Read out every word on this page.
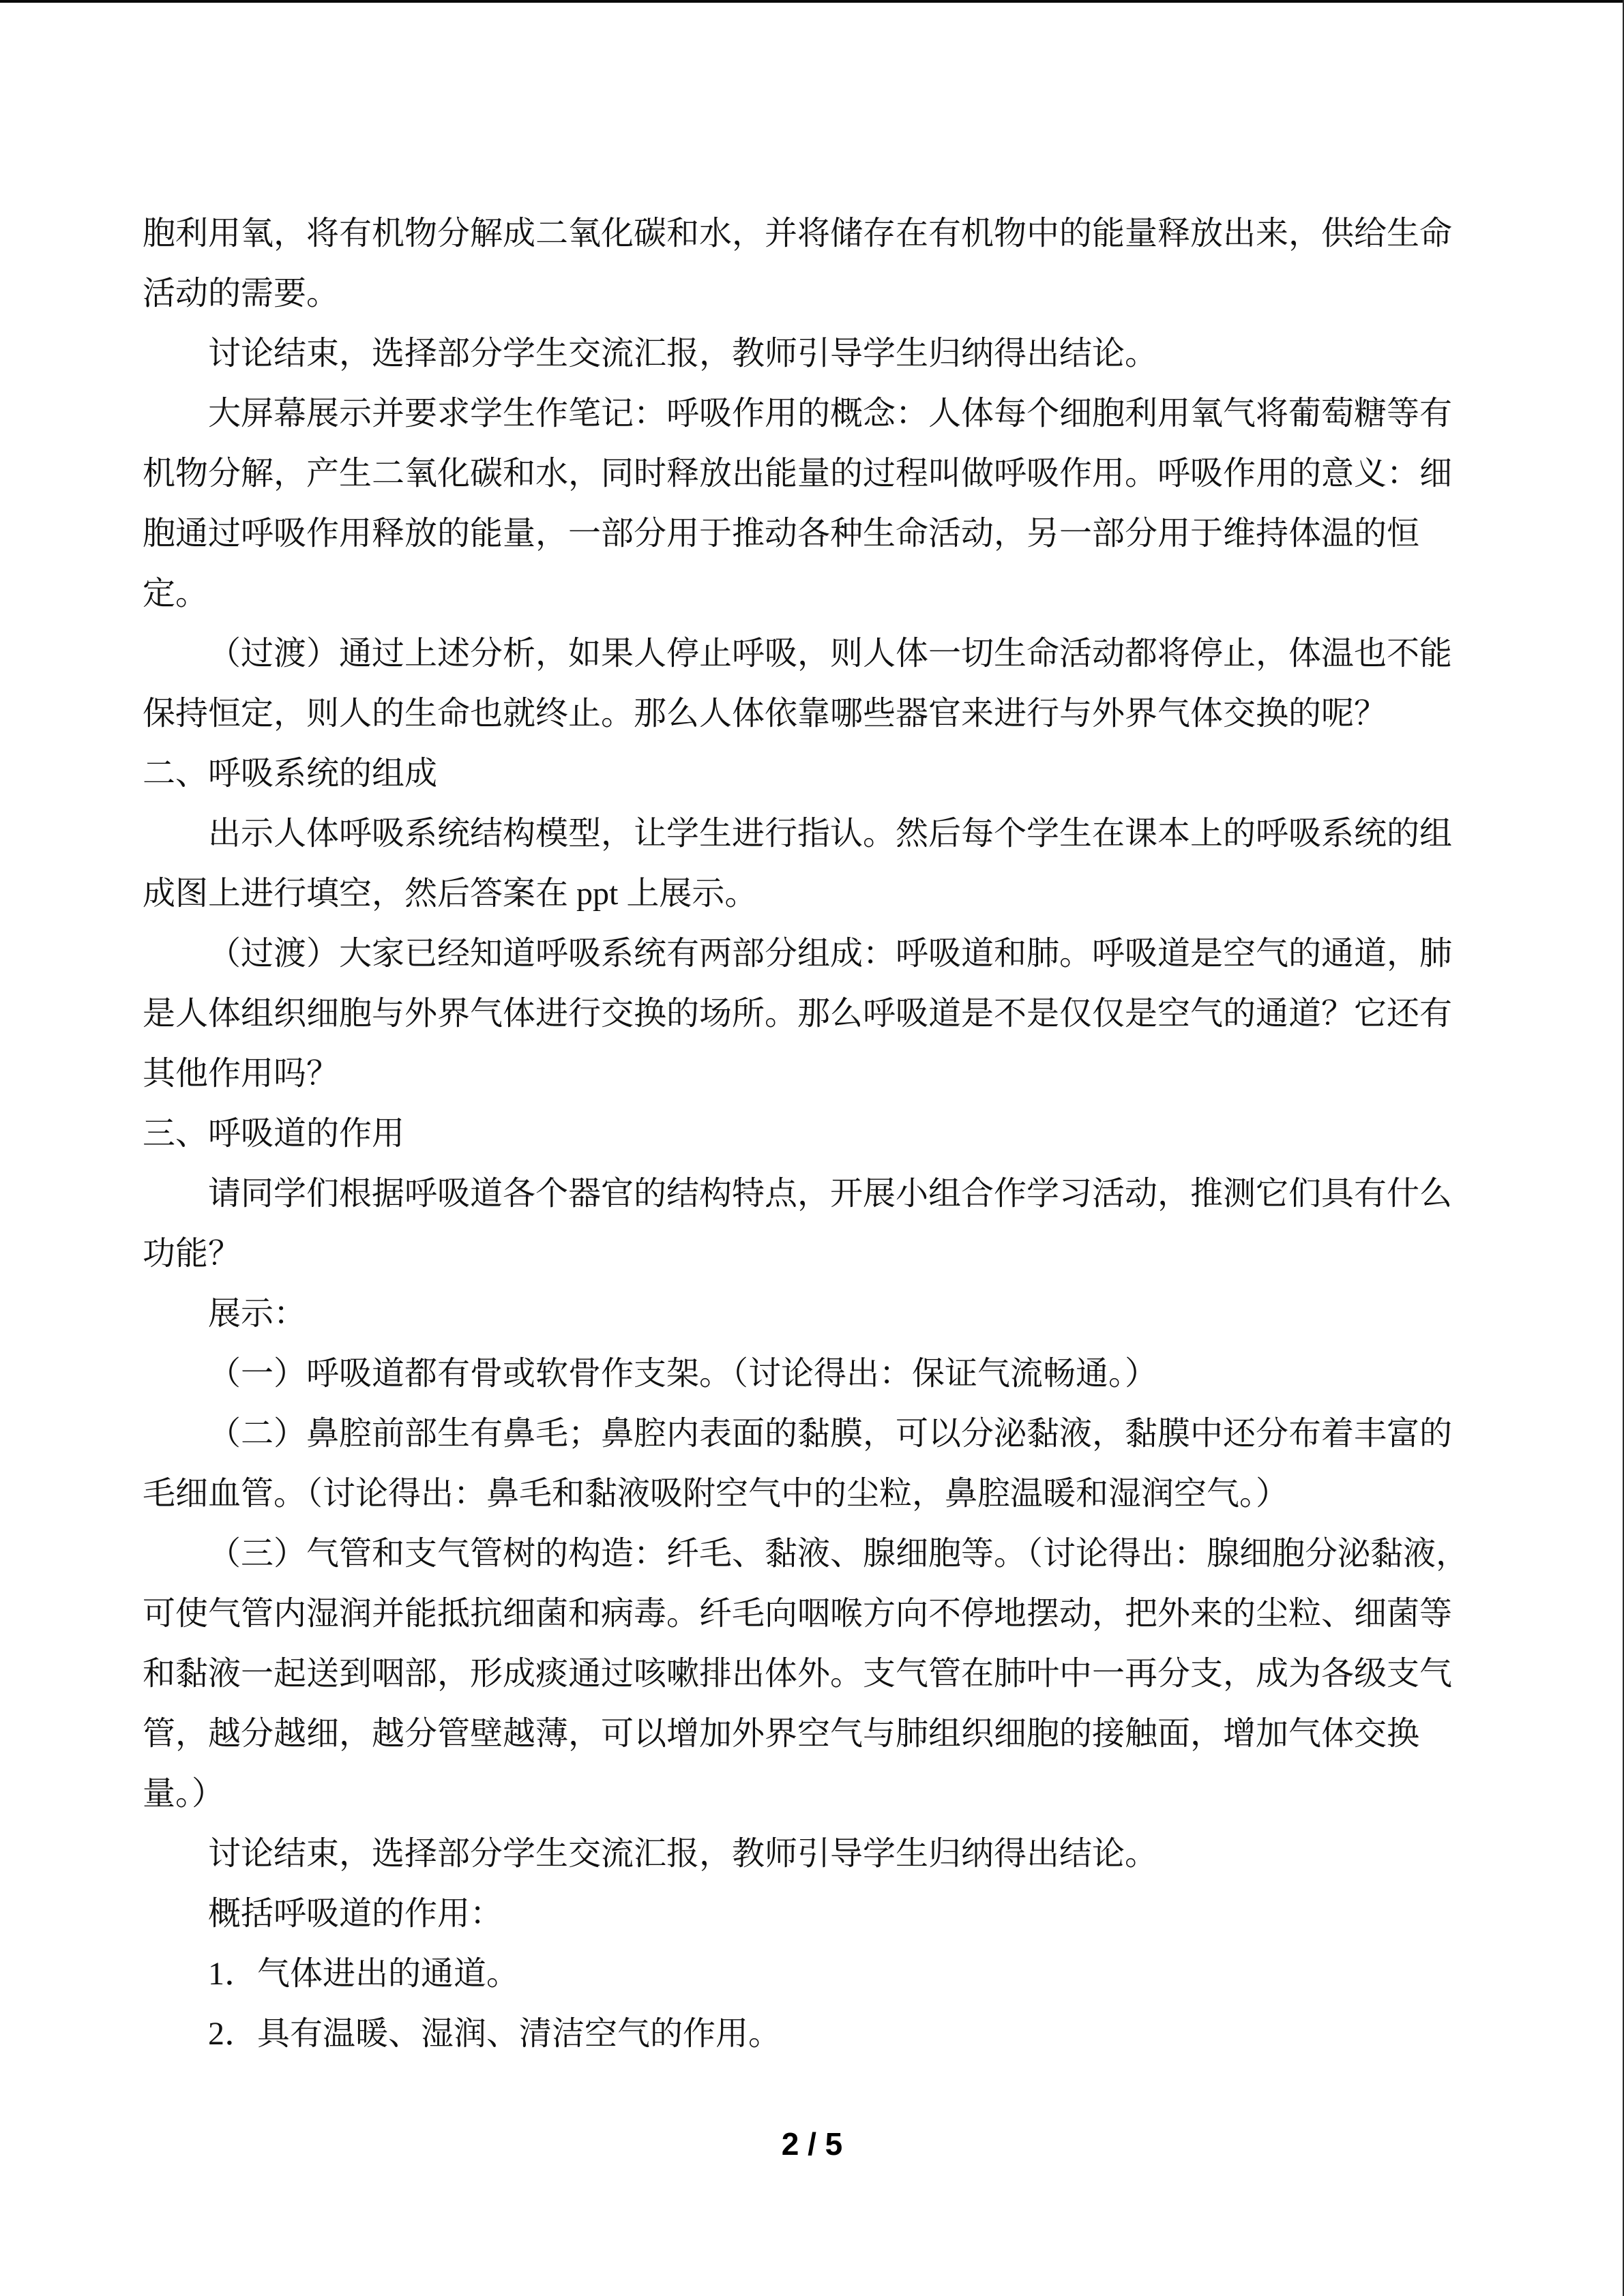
胞利用氧，将有机物分解成二氧化碳和水，并将储存在有机物中的能量释放出来，供给生命
活动的需要。
讨论结束，选择部分学生交流汇报，教师引导学生归纳得出结论。
大屏幕展示并要求学生作笔记：呼吸作用的概念：人体每个细胞利用氧气将葡萄糖等有
机物分解，产生二氧化碳和水，同时释放出能量的过程叫做呼吸作用。呼吸作用的意义：细
胞通过呼吸作用释放的能量，一部分用于推动各种生命活动，另一部分用于维持体温的恒
定。
（过渡）通过上述分析，如果人停止呼吸，则人体一切生命活动都将停止，体温也不能
保持恒定，则人的生命也就终止。那么人体依靠哪些器官来进行与外界气体交换的呢？
二、呼吸系统的组成
出示人体呼吸系统结构模型，让学生进行指认。然后每个学生在课本上的呼吸系统的组
成图上进行填空，然后答案在 ppt 上展示。
（过渡）大家已经知道呼吸系统有两部分组成：呼吸道和肺。呼吸道是空气的通道，肺
是人体组织细胞与外界气体进行交换的场所。那么呼吸道是不是仅仅是空气的通道？它还有
其他作用吗？
三、呼吸道的作用
请同学们根据呼吸道各个器官的结构特点，开展小组合作学习活动，推测它们具有什么
功能？
展示：
（一）呼吸道都有骨或软骨作支架。（讨论得出：保证气流畅通。）
（二）鼻腔前部生有鼻毛；鼻腔内表面的黏膜，可以分泌黏液，黏膜中还分布着丰富的
毛细血管。（讨论得出：鼻毛和黏液吸附空气中的尘粒，鼻腔温暖和湿润空气。）
（三）气管和支气管树的构造：纤毛、黏液、腺细胞等。（讨论得出：腺细胞分泌黏液，
可使气管内湿润并能抵抗细菌和病毒。纤毛向咽喉方向不停地摆动，把外来的尘粒、细菌等
和黏液一起送到咽部，形成痰通过咳嗽排出体外。支气管在肺叶中一再分支，成为各级支气
管，越分越细，越分管壁越薄，可以增加外界空气与肺组织细胞的接触面，增加气体交换
量。）
讨论结束，选择部分学生交流汇报，教师引导学生归纳得出结论。
概括呼吸道的作用：
1．气体进出的通道。
2．具有温暖、湿润、清洁空气的作用。
2 / 5
